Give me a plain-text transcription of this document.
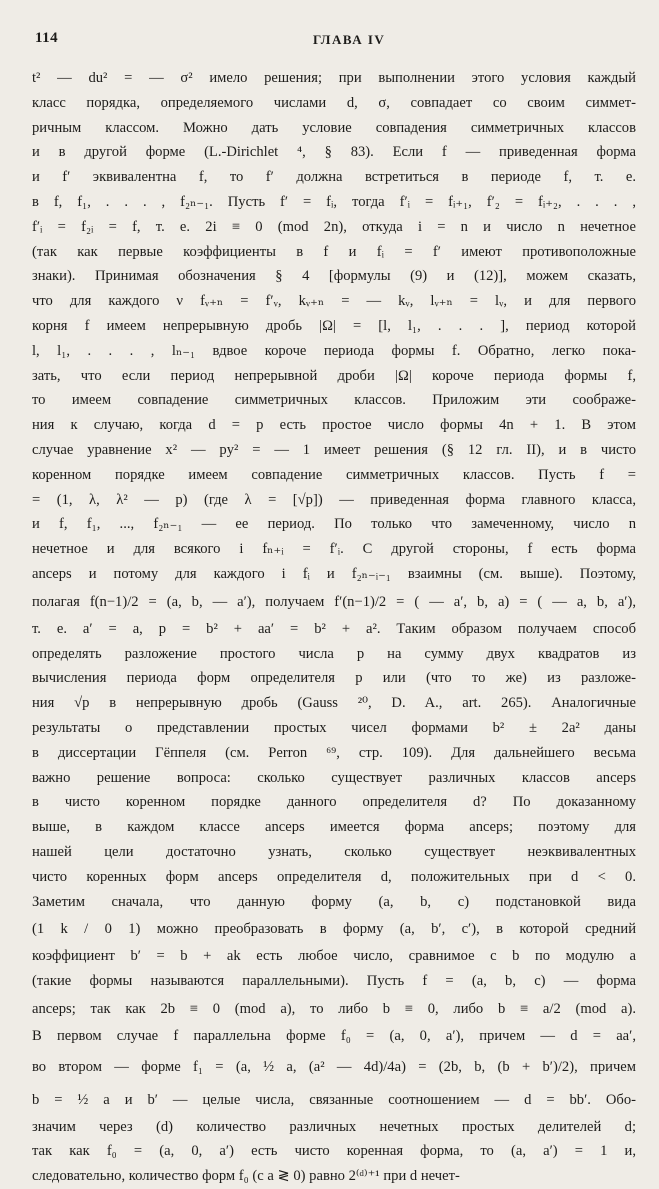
114	ГЛАВА IV
t² — du² = — σ² имело решения; при выполнении этого условия каждый
класс порядка, определяемого числами d, σ, совпадает со своим симмет-
ричным классом. Можно дать условие совпадения симметричных классов
и в другой форме (L.-Dirichlet ⁴, § 83). Если f — приведенная форма
и f′ эквивалентна f, то f′ должна встретиться в периоде f, т. е.
в f, f₁, . . . , f₂ₙ₋₁. Пусть f′ = fᵢ, тогда f′ᵢ = fᵢ₊₁, f′₂ = fᵢ₊₂, . . . ,
f′ᵢ = f₂ᵢ = f, т. е. 2i ≡ 0 (mod 2n), откуда i = n и число n нечетное
(так как первые коэффициенты в f и fᵢ = f′ имеют противоположные
знаки). Принимая обозначения § 4 [формулы (9) и (12)], можем сказать,
что для каждого ν fᵥ₊ₙ = f′ᵥ, kᵥ₊ₙ = — kᵥ, lᵥ₊ₙ = lᵥ, и для первого
корня f имеем непрерывную дробь |Ω| = [l, l₁, . . . ], период которой
l, l₁, . . . , lₙ₋₁ вдвое короче периода формы f. Обратно, легко пока-
зать, что если период непрерывной дроби |Ω| короче периода формы f,
то имеем совпадение симметричных классов. Приложим эти соображе-
ния к случаю, когда d = p есть простое число формы 4n + 1. В этом
случае уравнение x² — py² = — 1 имеет решения (§ 12 гл. II), и в чисто
коренном порядке имеем совпадение симметричных классов. Пусть f =
= (1, λ, λ² — p) (где λ = [√p]) — приведенная форма главного класса,
и f, f₁, ..., f₂ₙ₋₁ — ее период. По только что замеченному, число n
нечетное и для всякого i fₙ₊ᵢ = f′ᵢ. С другой стороны, f есть форма
anceps и потому для каждого i fᵢ и f₂ₙ₋ᵢ₋₁ взаимны (см. выше). Поэтому,
полагая f(n−1)/2 = (a, b, — a′), получаем f′(n−1)/2 = ( — a′, b, a) = ( — a, b, a′),
т. е. a′ = a, p = b² + aa′ = b² + a². Таким образом получаем способ
определять разложение простого числа p на сумму двух квадратов из
вычисления периода форм определителя p или (что то же) из разложе-
ния √p в непрерывную дробь (Gauss ²⁰, D. A., art. 265). Аналогичные
результаты о представлении простых чисел формами b² ± 2a² даны
в диссертации Гёппеля (см. Perron ⁶⁹, стр. 109). Для дальнейшего весьма
важно решение вопроса: сколько существует различных классов anceps
в чисто коренном порядке данного определителя d? По доказанному
выше, в каждом классе anceps имеется форма anceps; поэтому для
нашей цели достаточно узнать, сколько существует неэквивалентных
чисто коренных форм anceps определителя d, положительных при d < 0.
Заметим сначала, что данную форму (a, b, c) подстановкой вида
(1 k / 0 1) можно преобразовать в форму (a, b′, c′), в которой средний
коэффициент b′ = b + ak есть любое число, сравнимое с b по модулю a
(такие формы называются параллельными). Пусть f = (a, b, c) — форма
anceps; так как 2b ≡ 0 (mod a), то либо b ≡ 0, либо b ≡ a/2 (mod a).
В первом случае f параллельна форме f₀ = (a, 0, a′), причем — d = aa′,
во втором — форме f₁ = (a, ½ a, (a² — 4d)/4a) = (2b, b, (b + b′)/2), причем
b = ½ a и b′ — целые числа, связанные соотношением — d = bb′. Обо-
значим через (d) количество различных нечетных простых делителей d;
так как f₀ = (a, 0, a′) есть чисто коренная форма, то (a, a′) = 1 и,
следовательно, количество форм f₀ (с a ≷ 0) равно 2⁽ᵈ⁾⁺¹ при d нечет-
